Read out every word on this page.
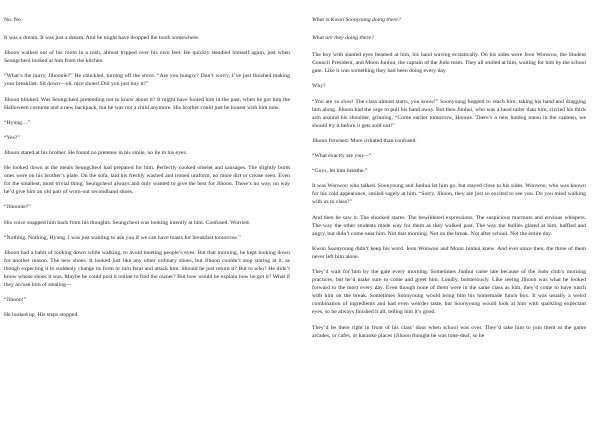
No. No.

It was a dream. It was just a dream. And he might have dropped the tooth somewhere.

Jihoon walked out of his room in a rush, almost tripped over his own feet. He quickly steadied himself again, just when Seungcheol looked at him from the kitchen.

“What’s the hurry, Jihoonie?” He chuckled, turning off the stove. “Are you hungry? Don’t worry, I’ve just finished making your breakfast. Sit down—oh, nice shoes! Did you just buy it?”

Jihoon blinked. Was Seungcheol pretending not to know about it? It might have fooled him in the past, when he got him the Halloween costume and a new backpack, but he was not a child anymore. His brother could just be honest with him now.

“Hyung…”

“Yes?”

Jihoon stared at his brother. He found no pretense in his smile, no lie in his eyes.

He looked down at the meals Seungcheol had prepared for him. Perfectly cooked omelet and sausages. The slightly burnt ones were on his brother’s plate. On the sofa, laid his freshly washed and ironed uniform, no more dirt or crease seen. Even for the smallest, most trivial thing, Seungcheol always and only wanted to give the best for Jihoon. There’s no way, no way he’d give him an old pair of worn-out secondhand shoes.

“Jihoonie?”

His voice snapped him back from his thoughts. Seungcheol was looking intently at him. Confused. Worried.

“Nothing. Nothing, Hyung. I was just wanting to ask you if we can have toasts for breakfast tomorrow.”

Jihoon had a habit of looking down while walking, to avoid meeting people’s eyes. But that morning, he kept looking down for another reason. The new shoes. It looked just like any other ordinary shoes, but Jihoon couldn’t stop staring at it, as though expecting it to suddenly change its form or turn feral and attack him. Should he just return it? But to who? He didn’t know whose shoes it was. Maybe he could post it online to find the owner? But how would he explain how he got it? What if they accuse him of stealing—

“Jihoon!”

He looked up. His steps stopped.

What is Kwon Soonyoung doing there?

What are they doing there?

The boy with slanted eyes beamed at him, his hand waving ecstatically. On his sides were Jeon Wonwoo, the Student Council President, and Moon Junhui, the captain of the Judo team. They all smiled at him, waiting for him by the school gate. Like it was something they had been doing every day.

Why?

“You are so slow! The class almost starts, you know!” Soonyoung hopped to reach him, taking his hand and dragging him along. Jihoon had the urge to pull his hand away. But then Junhui, who was a head taller than him, circled his thick arm around his shoulder, grinning. “Come earlier tomorrow, Hoonie. There’s a new hotdog menu in the canteen, we should try it before it gets sold out!”

Jihoon frowned. More irritated than confused.

“What exactly are you—”

“Guys, let him breathe.”

It was Wonwoo who talked. Soonyoung and Junhui let him go, but stayed close to his sides. Wonwoo, who was known for his cold appearance, smiled sagely at him. “Sorry, Jihoon, they are just so excited to see you. Do you mind walking with us to class?”

And then he saw it. The shocked stares. The bewildered expressions. The suspicious murmurs and envious whispers. The way the other students made way for them as they walked past. The way the bullies glared at him, baffled and angry, but didn’t come near him. Not that morning. Not on the break. Not after school. Not the entire day.

Kwon Soonyoung didn’t keep his word. Jeon Wonwoo and Moon Junhui knew. And ever since then, the three of them never left him alone.

They’d wait for him by the gate every morning. Sometimes Junhui came late because of the Judo club’s morning practices, but he’d make sure to come and greet him. Loudly, boisterously. Like seeing Jihoon was what he looked forward to the most every day. Even though none of them were in the same class as him, they’d come to have lunch with him on the break. Sometimes Soonyoung would bring him his homemade lunch box. It was usually a weird combination of ingredients and had even weirder taste, but Soonyoung would look at him with sparkling expectant eyes, so he always finished it all, telling him it’s good.

They’d be there right in front of his class’ door when school was over. They’d take him to join them to the game arcades, or cafes, or karaoke places (Jihoon thought he was tone-deaf, so he
